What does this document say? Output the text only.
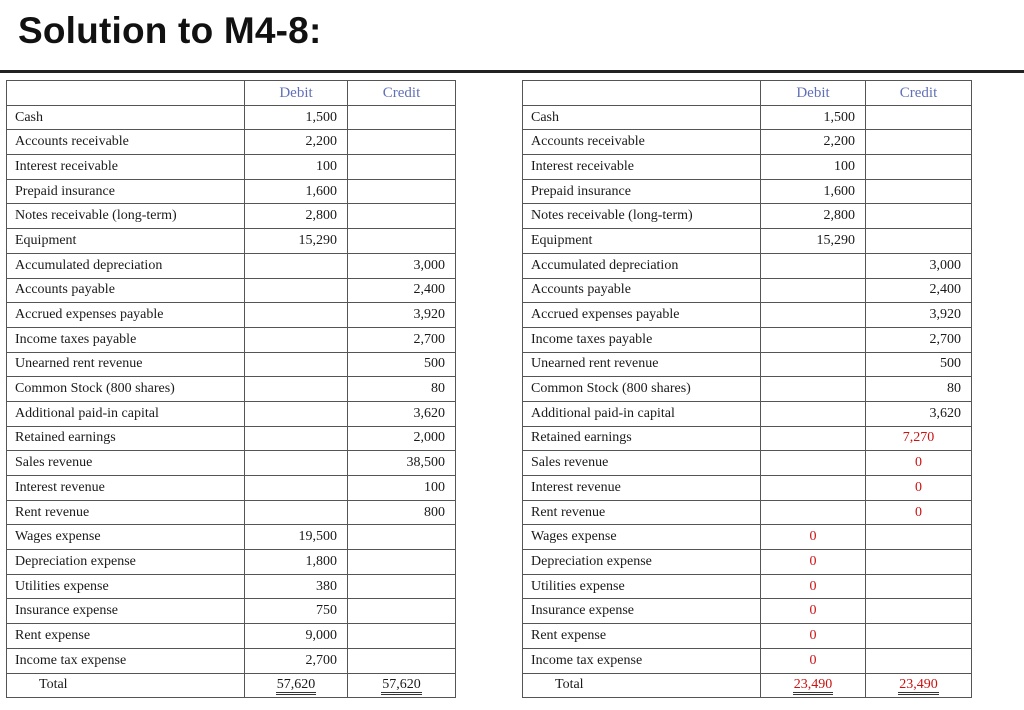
Solution to M4-8:
	Debit	Credit
Cash	1,500	
Accounts receivable	2,200	
Interest receivable	100	
Prepaid insurance	1,600	
Notes receivable (long-term)	2,800	
Equipment	15,290	
Accumulated depreciation		3,000
Accounts payable		2,400
Accrued expenses payable		3,920
Income taxes payable		2,700
Unearned rent revenue		500
Common Stock (800 shares)		80
Additional paid-in capital		3,620
Retained earnings		2,000
Sales revenue		38,500
Interest revenue		100
Rent revenue		800
Wages expense	19,500	
Depreciation expense	1,800	
Utilities expense	380	
Insurance expense	750	
Rent expense	9,000	
Income tax expense	2,700	
Total	57,620	57,620
	Debit	Credit
Cash	1,500	
Accounts receivable	2,200	
Interest receivable	100	
Prepaid insurance	1,600	
Notes receivable (long-term)	2,800	
Equipment	15,290	
Accumulated depreciation		3,000
Accounts payable		2,400
Accrued expenses payable		3,920
Income taxes payable		2,700
Unearned rent revenue		500
Common Stock (800 shares)		80
Additional paid-in capital		3,620
Retained earnings		7,270
Sales revenue		0
Interest revenue		0
Rent revenue		0
Wages expense	0	
Depreciation expense	0	
Utilities expense	0	
Insurance expense	0	
Rent expense	0	
Income tax expense	0	
Total	23,490	23,490
